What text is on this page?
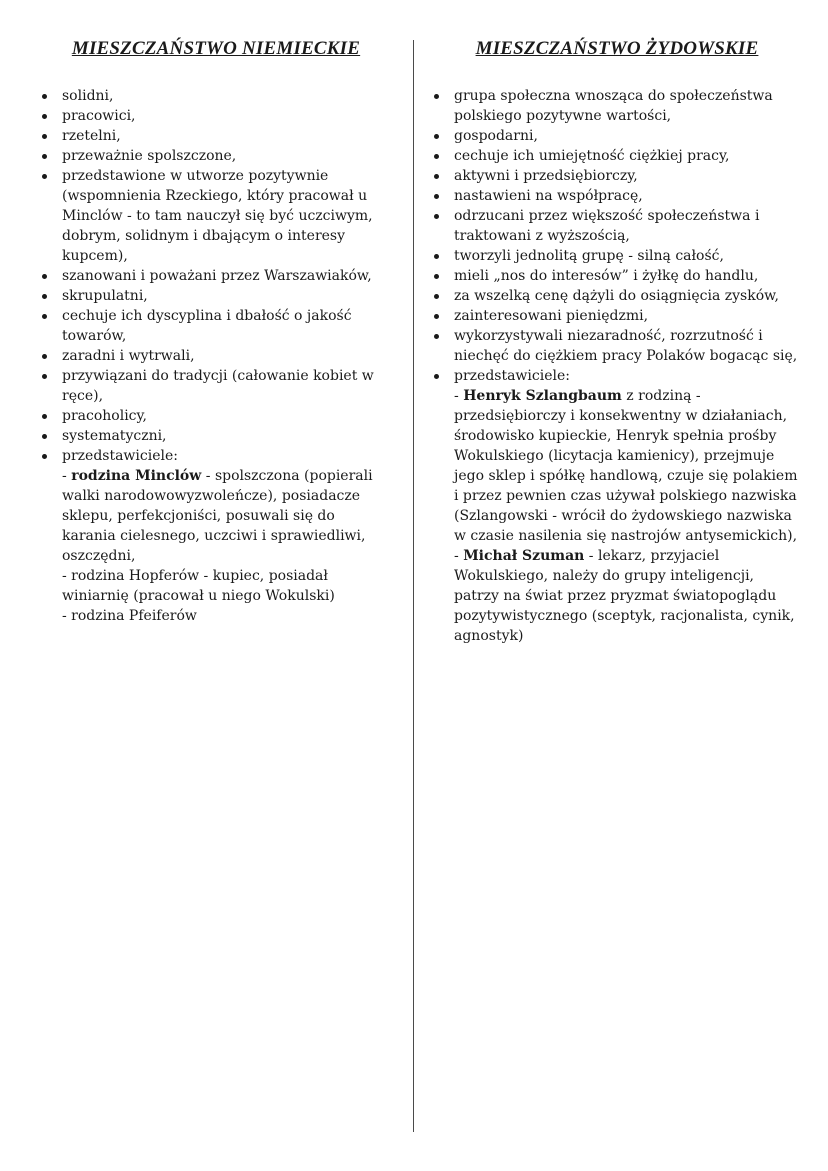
MIESZCZAŃSTWO NIEMIECKIE
solidni,
pracowici,
rzetelni,
przeważnie spolszczone,
przedstawione w utworze pozytywnie (wspomnienia Rzeckiego, który pracował u Minclów - to tam nauczył się być uczciwym, dobrym, solidnym i dbającym o interesy kupcem),
szanowani i poważani przez Warszawiaków,
skrupulatni,
cechuje ich dyscyplina i dbałość o jakość towarów,
zaradni i wytrwali,
przywiązani do tradycji (całowanie kobiet w ręce),
pracoholicy,
systematyczni,
przedstawiciele:
- rodzina Minclów - spolszczona (popierali walki narodowowyzwoleńcze), posiadacze sklepu, perfekcjoniści, posuwali się do karania cielesnego, uczciwi i sprawiedliwi, oszczędni,
- rodzina Hopferów - kupiec, posiadał winiarnię (pracował u niego Wokulski)
- rodzina Pfeiferów
MIESZCZAŃSTWO ŻYDOWSKIE
grupa społeczna wnosząca do społeczeństwa polskiego pozytywne wartości,
gospodarni,
cechuje ich umiejętność ciężkiej pracy,
aktywni i przedsiębiorczy,
nastawieni na współpracę,
odrzucani przez większość społeczeństwa i traktowani z wyższością,
tworzyli jednolitą grupę - silną całość,
mieli „nos do interesów” i żyłkę do handlu,
za wszelką cenę dążyli do osiągnięcia zysków,
zainteresowani pieniędzmi,
wykorzystywali niezaradność, rozrzutność i niechęć do ciężkiem pracy Polaków bogacąc się,
przedstawiciele:
- Henryk Szlangbaum z rodziną - przedsiębiorczy i konsekwentny w działaniach, środowisko kupieckie, Henryk spełnia prośby Wokulskiego (licytacja kamienicy), przejmuje jego sklep i spółkę handlową, czuje się polakiem i przez pewnien czas używał polskiego nazwiska (Szlangowski - wrócił do żydowskiego nazwiska w czasie nasilenia się nastrojów antysemickich),
- Michał Szuman - lekarz, przyjaciel Wokulskiego, należy do grupy inteligencji, patrzy na świat przez pryzmat światopoglądu pozytywistycznego (sceptyk, racjonalista, cynik, agnostyk)
